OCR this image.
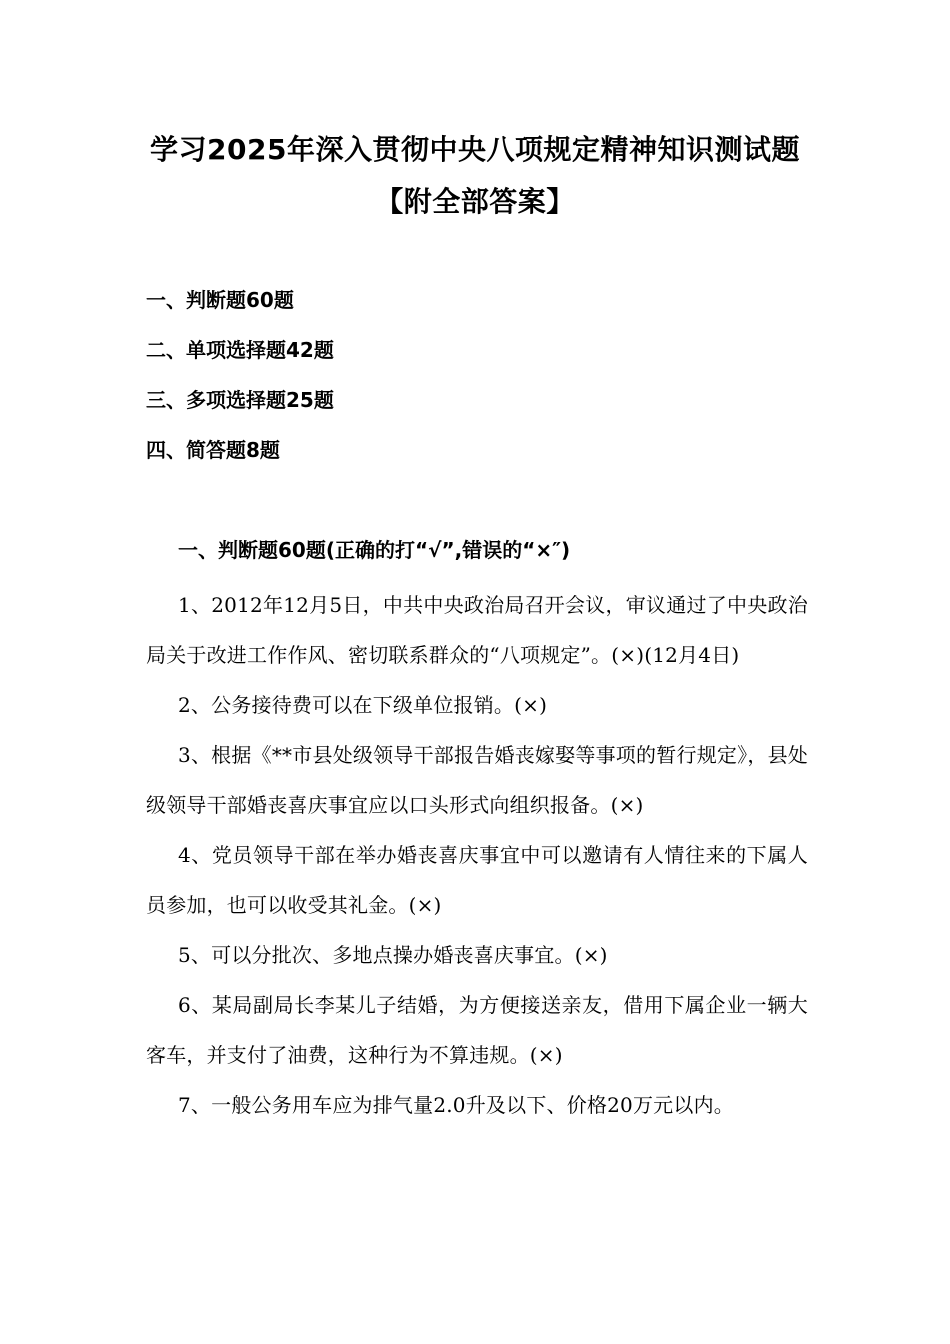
学习2025年深入贯彻中央八项规定精神知识测试题
【附全部答案】
一、判断题60题
二、单项选择题42题
三、多项选择题25题
四、简答题8题
一、判断题60题(正确的打“√”,错误的“×″)
1、2012年12月5日，中共中央政治局召开会议，审议通过了中央政治局关于改进工作作风、密切联系群众的“八项规定”。(×)(12月4日)
2、公务接待费可以在下级单位报销。(×)
3、根据《**市县处级领导干部报告婚丧嫁娶等事项的暂行规定》，县处级领导干部婚丧喜庆事宜应以口头形式向组织报备。(×)
4、党员领导干部在举办婚丧喜庆事宜中可以邀请有人情往来的下属人员参加，也可以收受其礼金。(×)
5、可以分批次、多地点操办婚丧喜庆事宜。(×)
6、某局副局长李某儿子结婚，为方便接送亲友，借用下属企业一辆大客车，并支付了油费，这种行为不算违规。(×)
7、一般公务用车应为排气量2.0升及以下、价格20万元以内。
